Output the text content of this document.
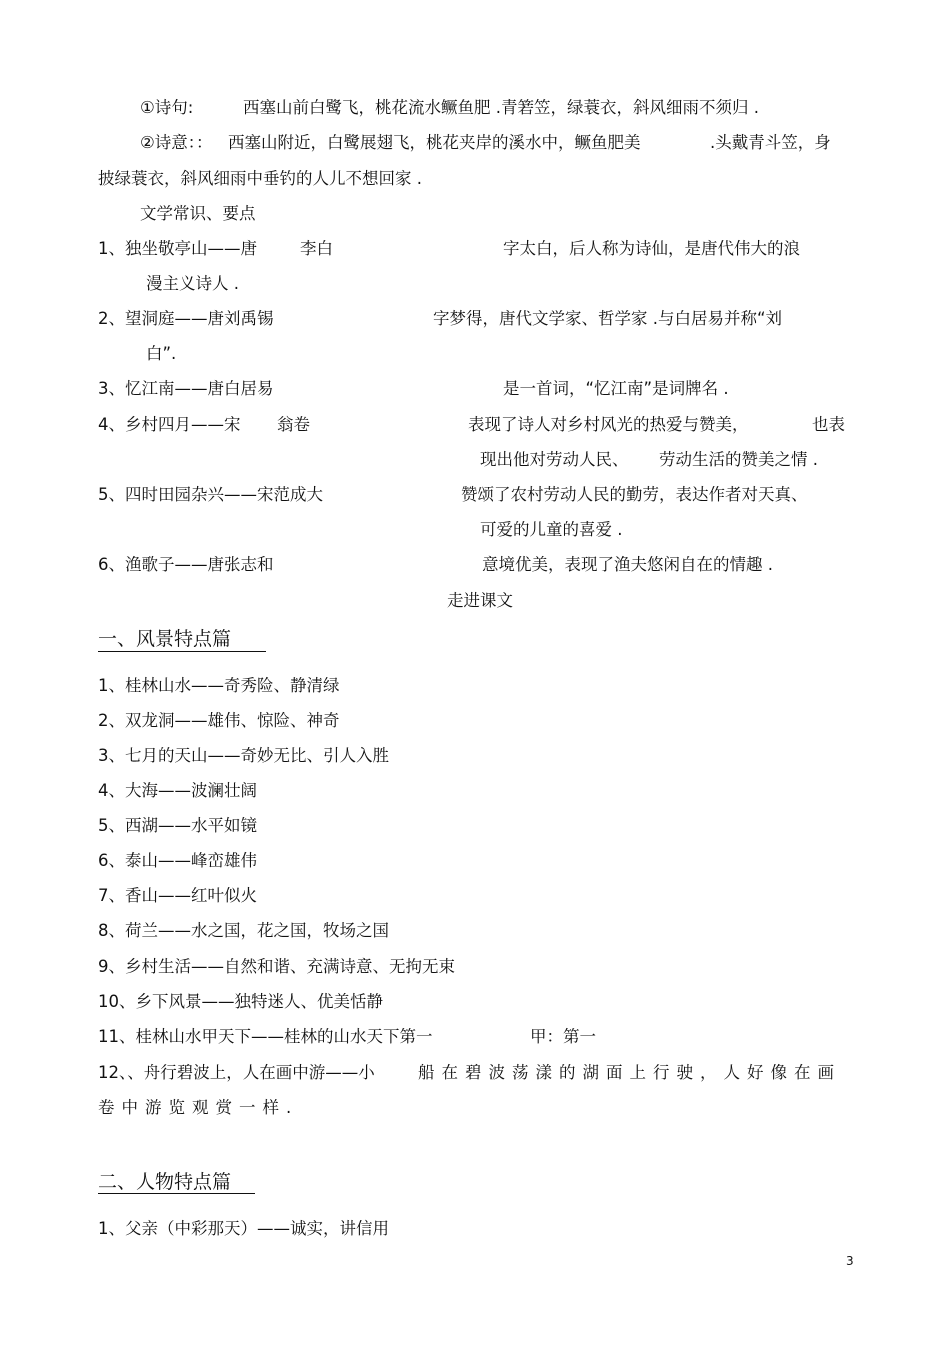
①诗句:	西塞山前白鹭飞，桃花流水鳜鱼肥 .青箬笠，绿蓑衣，斜风细雨不须归 .
②诗意：： 西塞山附近，白鹭展翅飞，桃花夹岸的溪水中，鳜鱼肥美	.头戴青斗笠，身
披绿蓑衣，斜风细雨中垂钓的人儿不想回家 .
文学常识、要点
1、独坐敬亭山——唐	李白	字太白，后人称为诗仙，是唐代伟大的浪
漫主义诗人 .
2、望洞庭——唐刘禹锡	字梦得，唐代文学家、哲学家 .与白居易并称“刘
白”.
3、忆江南——唐白居易	是一首词，“忆江南”是词牌名 .
4、乡村四月——宋 翁卷	表现了诗人对乡村风光的热爱与赞美，	也表
现出他对劳动人民、 劳动生活的赞美之情 .
5、四时田园杂兴——宋范成大	赞颂了农村劳动人民的勤劳，表达作者对天真、
可爱的儿童的喜爱 .
6、渔歌子——唐张志和	意境优美，表现了渔夫悠闲自在的情趣 .
走进课文
一、风景特点篇
1、桂林山水——奇秀险、静清绿
2、双龙洞——雄伟、惊险、神奇
3、七月的天山——奇妙无比、引人入胜
4、大海——波澜壮阔
5、西湖——水平如镜
6、泰山——峰峦雄伟
7、香山——红叶似火
8、荷兰——水之国，花之国，牧场之国
9、乡村生活——自然和谐、充满诗意、无拘无束
10、乡下风景——独特迷人、优美恬静
11、桂林山水甲天下——桂林的山水天下第一	甲：第一
12、、舟行碧波上，人在画中游——小	船在碧波荡漾的湖面上行驶，人好像在画
卷中游览观赏一样.
二、人物特点篇
1、父亲（中彩那天）——诚实，讲信用
3
